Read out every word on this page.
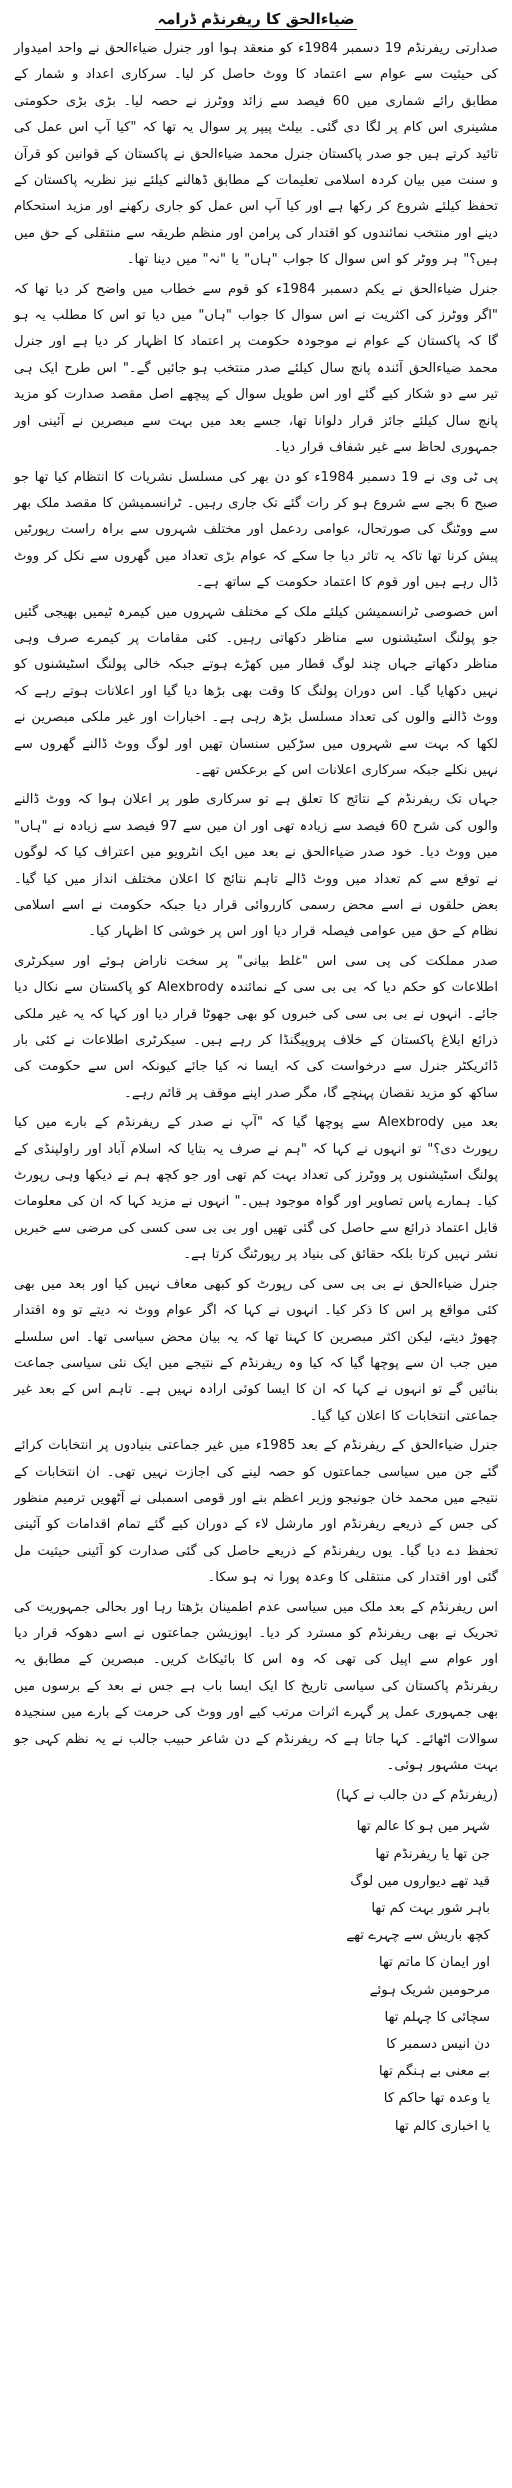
ضیاءالحق کا ریفرنڈم ڈرامہ

صدارتی ریفرنڈم 19 دسمبر 1984ء کو منعقد ہوا اور جنرل ضیاءالحق نے واحد امیدوار کی حیثیت سے عوام سے اعتماد کا ووٹ حاصل کر لیا۔ سرکاری اعداد و شمار کے مطابق رائے شماری میں 60 فیصد سے زائد ووٹرز نے حصہ لیا۔ بڑی بڑی حکومتی مشینری اس کام پر لگا دی گئی۔ بیلٹ پیپر پر سوال یہ تھا کہ "کیا آپ اس عمل کی تائید کرتے ہیں جو صدر پاکستان جنرل محمد ضیاءالحق نے پاکستان کے قوانین کو قرآن و سنت میں بیان کردہ اسلامی تعلیمات کے مطابق ڈھالنے کیلئے نیز نظریہ پاکستان کے تحفظ کیلئے شروع کر رکھا ہے اور کیا آپ اس عمل کو جاری رکھنے اور مزید استحکام دینے اور منتخب نمائندوں کو اقتدار کی پرامن اور منظم طریقہ سے منتقلی کے حق میں ہیں؟" ہر ووٹر کو اس سوال کا جواب "ہاں" یا "نہ" میں دینا تھا۔

جنرل ضیاءالحق نے یکم دسمبر 1984ء کو قوم سے خطاب میں واضح کر دیا تھا کہ "اگر ووٹرز کی اکثریت نے اس سوال کا جواب "ہاں" میں دیا تو اس کا مطلب یہ ہو گا کہ پاکستان کے عوام نے موجودہ حکومت پر اعتماد کا اظہار کر دیا ہے اور جنرل محمد ضیاءالحق آئندہ پانچ سال کیلئے صدر منتخب ہو جائیں گے۔" اس طرح ایک ہی تیر سے دو شکار کیے گئے اور اس طویل سوال کے پیچھے اصل مقصد صدارت کو مزید پانچ سال کیلئے جائز قرار دلوانا تھا، جسے بعد میں بہت سے مبصرین نے آئینی اور جمہوری لحاظ سے غیر شفاف قرار دیا۔

پی ٹی وی نے 19 دسمبر 1984ء کو دن بھر کی مسلسل نشریات کا انتظام کیا تھا جو صبح 6 بجے سے شروع ہو کر رات گئے تک جاری رہیں۔ ٹرانسمیشن کا مقصد ملک بھر سے ووٹنگ کی صورتحال، عوامی ردعمل اور مختلف شہروں سے براہ راست رپورٹیں پیش کرنا تھا تاکہ یہ تاثر دیا جا سکے کہ عوام بڑی تعداد میں گھروں سے نکل کر ووٹ ڈال رہے ہیں اور قوم کا اعتماد حکومت کے ساتھ ہے۔

اس خصوصی ٹرانسمیشن کیلئے ملک کے مختلف شہروں میں کیمرہ ٹیمیں بھیجی گئیں جو پولنگ اسٹیشنوں سے مناظر دکھاتی رہیں۔ کئی مقامات پر کیمرے صرف وہی مناظر دکھاتے جہاں چند لوگ قطار میں کھڑے ہوتے جبکہ خالی پولنگ اسٹیشنوں کو نہیں دکھایا گیا۔ اس دوران پولنگ کا وقت بھی بڑھا دیا گیا اور اعلانات ہوتے رہے کہ ووٹ ڈالنے والوں کی تعداد مسلسل بڑھ رہی ہے۔ اخبارات اور غیر ملکی مبصرین نے لکھا کہ بہت سے شہروں میں سڑکیں سنسان تھیں اور لوگ ووٹ ڈالنے گھروں سے نہیں نکلے جبکہ سرکاری اعلانات اس کے برعکس تھے۔

جہاں تک ریفرنڈم کے نتائج کا تعلق ہے تو سرکاری طور پر اعلان ہوا کہ ووٹ ڈالنے والوں کی شرح 60 فیصد سے زیادہ تھی اور ان میں سے 97 فیصد سے زیادہ نے "ہاں" میں ووٹ دیا۔ خود صدر ضیاءالحق نے بعد میں ایک انٹرویو میں اعتراف کیا کہ لوگوں نے توقع سے کم تعداد میں ووٹ ڈالے تاہم نتائج کا اعلان مختلف انداز میں کیا گیا۔ بعض حلقوں نے اسے محض رسمی کارروائی قرار دیا جبکہ حکومت نے اسے اسلامی نظام کے حق میں عوامی فیصلہ قرار دیا اور اس پر خوشی کا اظہار کیا۔

صدر مملکت کی پی سی اس "غلط بیانی" پر سخت ناراض ہوئے اور سیکرٹری اطلاعات کو حکم دیا کہ بی بی سی کے نمائندہ Alexbrody کو پاکستان سے نکال دیا جائے۔ انہوں نے بی بی سی کی خبروں کو بھی جھوٹا قرار دیا اور کہا کہ یہ غیر ملکی ذرائع ابلاغ پاکستان کے خلاف پروپیگنڈا کر رہے ہیں۔ سیکرٹری اطلاعات نے کئی بار ڈائریکٹر جنرل سے درخواست کی کہ ایسا نہ کیا جائے کیونکہ اس سے حکومت کی ساکھ کو مزید نقصان پہنچے گا، مگر صدر اپنے موقف پر قائم رہے۔

بعد میں Alexbrody سے پوچھا گیا کہ "آپ نے صدر کے ریفرنڈم کے بارے میں کیا رپورٹ دی؟" تو انہوں نے کہا کہ "ہم نے صرف یہ بتایا کہ اسلام آباد اور راولپنڈی کے پولنگ اسٹیشنوں پر ووٹرز کی تعداد بہت کم تھی اور جو کچھ ہم نے دیکھا وہی رپورٹ کیا۔ ہمارے پاس تصاویر اور گواہ موجود ہیں۔" انہوں نے مزید کہا کہ ان کی معلومات قابل اعتماد ذرائع سے حاصل کی گئی تھیں اور بی بی سی کسی کی مرضی سے خبریں نشر نہیں کرتا بلکہ حقائق کی بنیاد پر رپورٹنگ کرتا ہے۔

جنرل ضیاءالحق نے بی بی سی کی رپورٹ کو کبھی معاف نہیں کیا اور بعد میں بھی کئی مواقع پر اس کا ذکر کیا۔ انہوں نے کہا کہ اگر عوام ووٹ نہ دیتے تو وہ اقتدار چھوڑ دیتے، لیکن اکثر مبصرین کا کہنا تھا کہ یہ بیان محض سیاسی تھا۔ اس سلسلے میں جب ان سے پوچھا گیا کہ کیا وہ ریفرنڈم کے نتیجے میں ایک نئی سیاسی جماعت بنائیں گے تو انہوں نے کہا کہ ان کا ایسا کوئی ارادہ نہیں ہے۔ تاہم اس کے بعد غیر جماعتی انتخابات کا اعلان کیا گیا۔

جنرل ضیاءالحق کے ریفرنڈم کے بعد 1985ء میں غیر جماعتی بنیادوں پر انتخابات کرائے گئے جن میں سیاسی جماعتوں کو حصہ لینے کی اجازت نہیں تھی۔ ان انتخابات کے نتیجے میں محمد خان جونیجو وزیر اعظم بنے اور قومی اسمبلی نے آٹھویں ترمیم منظور کی جس کے ذریعے ریفرنڈم اور مارشل لاء کے دوران کیے گئے تمام اقدامات کو آئینی تحفظ دے دیا گیا۔ یوں ریفرنڈم کے ذریعے حاصل کی گئی صدارت کو آئینی حیثیت مل گئی اور اقتدار کی منتقلی کا وعدہ پورا نہ ہو سکا۔

اس ریفرنڈم کے بعد ملک میں سیاسی عدم اطمینان بڑھتا رہا اور بحالی جمہوریت کی تحریک نے بھی ریفرنڈم کو مسترد کر دیا۔ اپوزیشن جماعتوں نے اسے دھوکہ قرار دیا اور عوام سے اپیل کی تھی کہ وہ اس کا بائیکاٹ کریں۔ مبصرین کے مطابق یہ ریفرنڈم پاکستان کی سیاسی تاریخ کا ایک ایسا باب ہے جس نے بعد کے برسوں میں بھی جمہوری عمل پر گہرے اثرات مرتب کیے اور ووٹ کی حرمت کے بارے میں سنجیدہ سوالات اٹھائے۔ کہا جاتا ہے کہ ریفرنڈم کے دن شاعر حبیب جالب نے یہ نظم کہی جو بہت مشہور ہوئی۔

(ریفرنڈم کے دن جالب نے کہا)

شہر میں ہو کا عالم تھا
جن تھا یا ریفرنڈم تھا
قید تھے دیواروں میں لوگ
باہر شور بہت کم تھا
کچھ باریش سے چہرے تھے
اور ایمان کا ماتم تھا
مرحومین شریک ہوئے
سچائی کا چہلم تھا
دن انیس دسمبر کا
بے معنی بے ہنگم تھا
یا وعدہ تھا حاکم کا
یا اخباری کالم تھا
